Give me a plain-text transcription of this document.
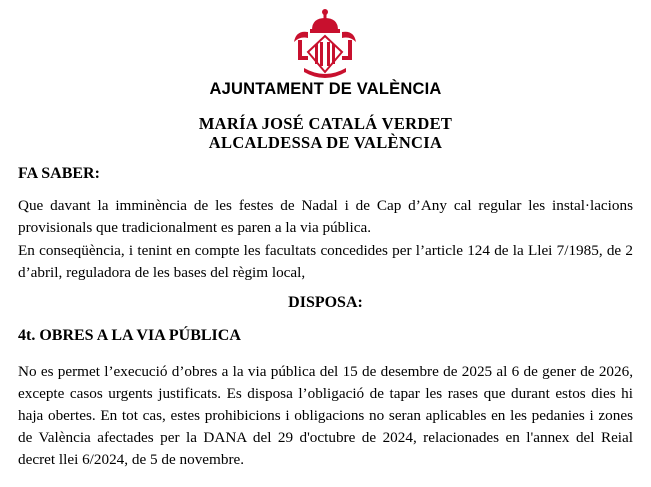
AJUNTAMENT DE VALÈNCIA
MARÍA JOSÉ CATALÁ VERDET
ALCALDESSA DE VALÈNCIA
FA SABER:
Que davant la imminència de les festes de Nadal i de Cap d’Any cal regular les instal·lacions provisionals que tradicionalment es paren a la via pública.
En conseqüència, i tenint en compte les facultats concedides per l’article 124 de la Llei 7/1985, de 2 d’abril, reguladora de les bases del règim local,
DISPOSA:
4t. OBRES A LA VIA PÚBLICA
No es permet l’execució d’obres a la via pública del 15 de desembre de 2025 al 6 de gener de 2026, excepte casos urgents justificats. Es disposa l’obligació de tapar les rases que durant estos dies hi haja obertes. En tot cas, estes prohibicions i obligacions no seran aplicables en les pedanies i zones de València afectades per la DANA del 29 d'octubre de 2024, relacionades en l'annex del Reial decret llei 6/2024, de 5 de novembre.
